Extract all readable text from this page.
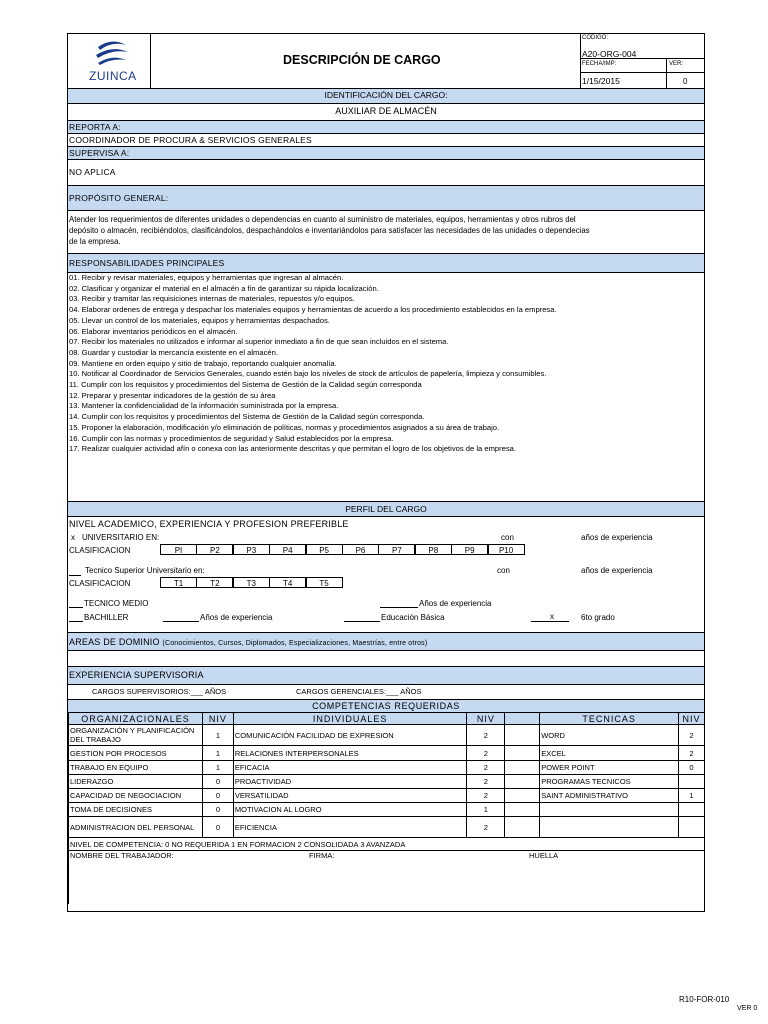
ZUINCA
DESCRIPCIÓN DE CARGO
CÓDIGO:
A20-ORG-004
FECHA/IMP:	VER:
1/15/2015	0
IDENTIFICACIÓN DEL CARGO:
AUXILIAR DE ALMACÉN
REPORTA A:
COORDINADOR DE PROCURA & SERVICIOS GENERALES
SUPERVISA A:
NO APLICA
PROPÓSITO GENERAL:
Atender los requerimientos de diferentes unidades o dependencias en cuanto al suministro de materiales, equipos, herramientas y otros rubros del
depósito o almacén, recibiéndolos, clasificándolos, despachándolos e inventariándolos para satisfacer las necesidades de las unidades o dependecias
de la empresa.
RESPONSABILIDADES PRINCIPALES
01. Recibir y revisar materiales, equipos y herramientas que ingresan al almacén.
02. Clasificar y organizar el material en el almacén a fin de garantizar su rápida localización.
03. Recibir y tramitar las requisiciones internas de materiales, repuestos y/o equipos.
04. Elaborar ordenes de entrega y despachar los materiales equipos y herramientas de acuerdo a los procedimiento establecidos en la empresa.
05. Llevar un control de los materiales, equipos y herramientas despachados.
06. Elaborar inventarios periódicos en el almacén.
07. Recibir los materiales no utilizados e informar al superior inmediato a fin de que sean incluidos en el sistema.
08. Guardar y custodiar la mercancía existente en el almacén.
09. Mantiene en orden equipo y sitio de trabajo, reportando cualquier anomalía.
10. Notificar al Coordinador de Servicios Generales, cuando estén bajo los niveles de stock de artículos de papelería, limpieza y consumibles.
11. Cumplir con los requisitos y procedimientos del Sistema de Gestión de la Calidad según corresponda
12. Preparar y presentar indicadores de la gestión de su área
13. Mantener la confidencialidad de la información suministrada por la empresa.
14. Cumplir con los requisitos y procedimientos del Sistema de Gestión de la Calidad según corresponda.
15. Proponer la elaboración, modificación y/o eliminación de políticas, normas y procedimientos asignados a su área de trabajo.
16. Cumplir con las normas y procedimientos de seguridad y Salud establecidos por la empresa.
17. Realizar cualquier actividad afín o conexa con las anteriormente descritas y que permitan el logro de los objetivos de la empresa.
PERFIL DEL CARGO
NIVEL ACADEMICO, EXPERIENCIA Y PROFESION PREFERIBLE
x UNIVERSITARIO EN:	con	años de experiencia
CLASIFICACION	PI	P2	P3	P4	P5	P6	P7	P8	P9	P10
Tecnico Superior Universitario en:	con	años de experiencia
CLASIFICACION	T1	T2	T3	T4	T5
TECNICO MEDIO	Años de experiencia
BACHILLER	Años de experiencia	Educación Básica	x	6to grado
AREAS DE DOMINIO (Conocimientos, Cursos, Diplomados, Especializaciones, Maestrías, entre otros)
EXPERIENCIA SUPERVISORIA
CARGOS SUPERVISORIOS:___ AÑOS	CARGOS GERENCIALES:___ AÑOS
COMPETENCIAS REQUERIDAS
ORGANIZACIONALES	NIV	INDIVIDUALES	NIV		TECNICAS	NIV
ORGANIZACIÓN Y PLANIFICACIÓN DEL TRABAJO	1	COMUNICACIÓN FACILIDAD DE EXPRESION	2		WORD	2
GESTION POR PROCESOS	1	RELACIONES INTERPERSONALES	2		EXCEL	2
TRABAJO EN EQUIPO	1	EFICACIA	2		POWER POINT	0
LIDERAZGO	0	PROACTIVIDAD	2		PROGRAMAS TECNICOS	
CAPACIDAD DE NEGOCIACION	0	VERSATILIDAD	2		SAINT ADMINISTRATIVO	1
TOMA DE DECISIONES	0	MOTIVACION AL LOGRO	1			
ADMINISTRACION DEL PERSONAL	0	EFICIENCIA	2			
NIVEL DE COMPETENCIA: 0 NO REQUERIDA 1 EN FORMACION 2 CONSOLIDADA 3 AVANZADA						
NOMBRE DEL TRABAJADOR: FIRMA: HUELLA						
R10-FOR-010
VER 0
